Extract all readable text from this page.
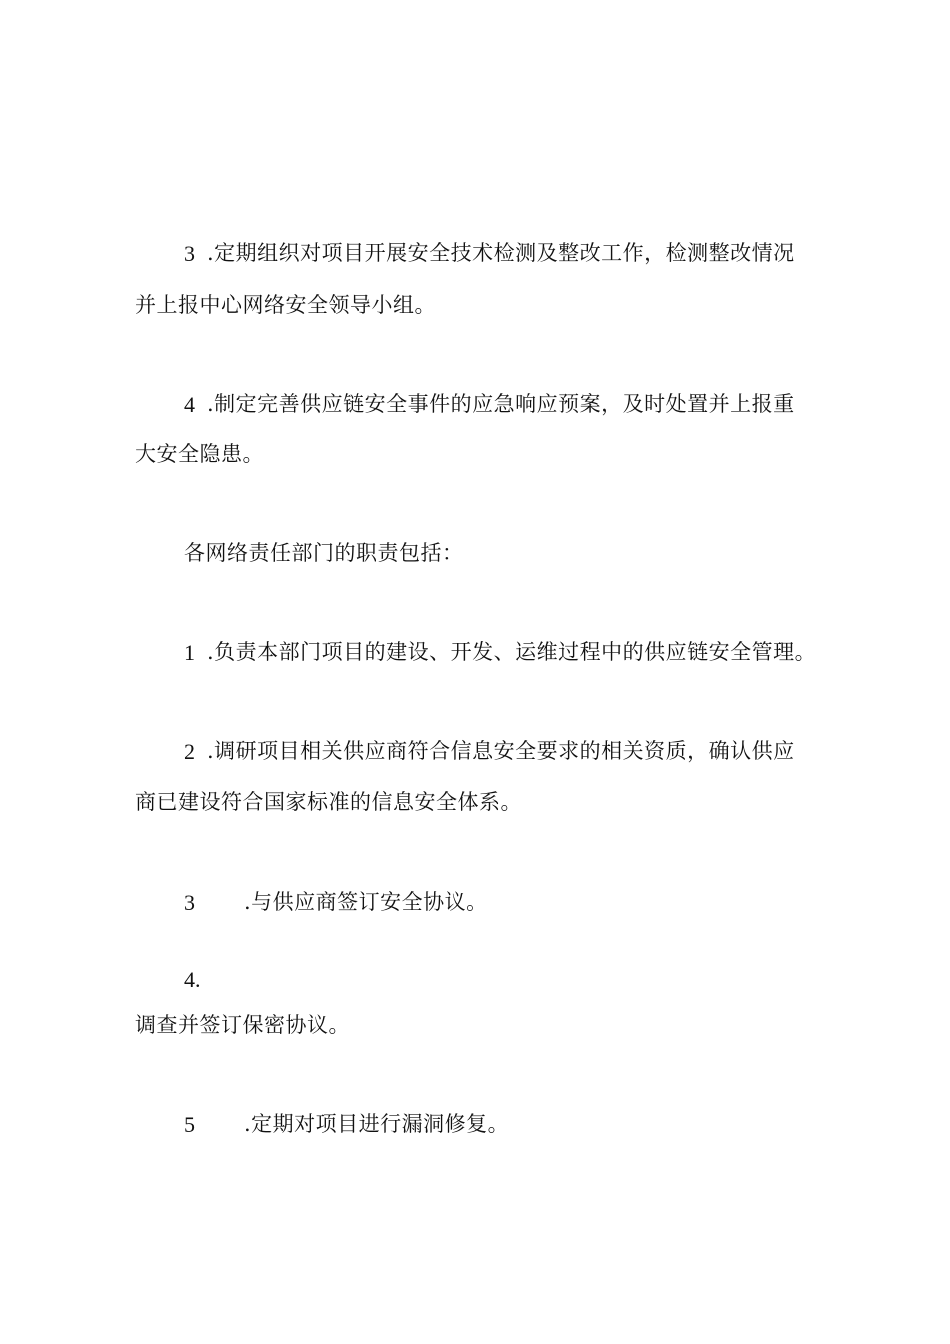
3 .定期组织对项目开展安全技术检测及整改工作，检测整改情况
并上报中心网络安全领导小组。
4 .制定完善供应链安全事件的应急响应预案，及时处置并上报重
大安全隐患。
各网络责任部门的职责包括：
1 .负责本部门项目的建设、开发、运维过程中的供应链安全管理。
2 .调研项目相关供应商符合信息安全要求的相关资质，确认供应
商已建设符合国家标准的信息安全体系。
3 .与供应商签订安全协议。
4.
调查并签订保密协议。
5 .定期对项目进行漏洞修复。
